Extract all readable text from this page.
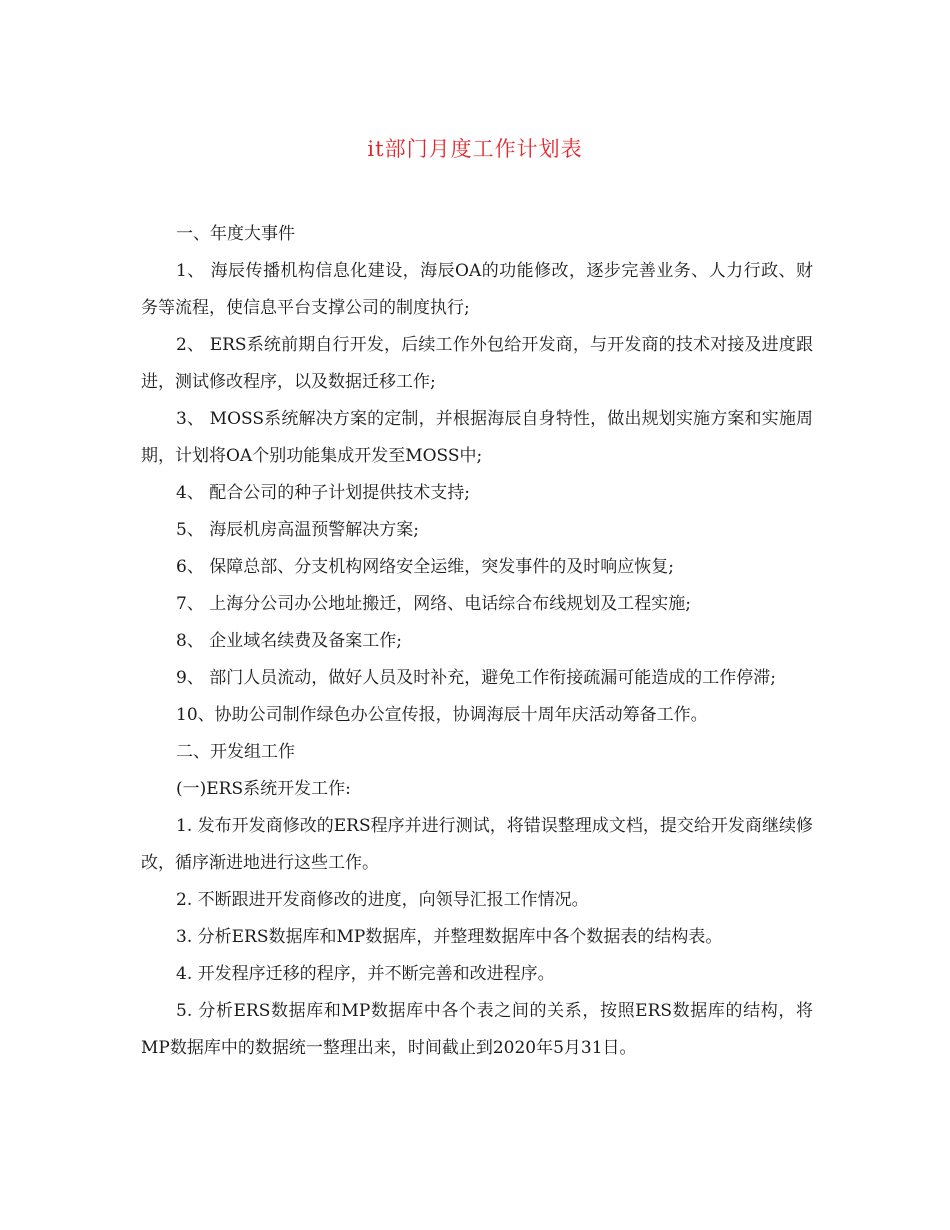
it部门月度工作计划表

一、年度大事件

1、 海辰传播机构信息化建设，海辰OA的功能修改，逐步完善业务、人力行政、财务等流程，使信息平台支撑公司的制度执行;

2、 ERS系统前期自行开发，后续工作外包给开发商，与开发商的技术对接及进度跟进，测试修改程序，以及数据迁移工作;

3、 MOSS系统解决方案的定制，并根据海辰自身特性，做出规划实施方案和实施周期，计划将OA个别功能集成开发至MOSS中;

4、 配合公司的种子计划提供技术支持;

5、 海辰机房高温预警解决方案;

6、 保障总部、分支机构网络安全运维，突发事件的及时响应恢复;

7、 上海分公司办公地址搬迁，网络、电话综合布线规划及工程实施;

8、 企业域名续费及备案工作;

9、 部门人员流动，做好人员及时补充，避免工作衔接疏漏可能造成的工作停滞;

10、协助公司制作绿色办公宣传报，协调海辰十周年庆活动筹备工作。

二、开发组工作

(一)ERS系统开发工作:

1. 发布开发商修改的ERS程序并进行测试，将错误整理成文档，提交给开发商继续修改，循序渐进地进行这些工作。

2. 不断跟进开发商修改的进度，向领导汇报工作情况。

3. 分析ERS数据库和MP数据库，并整理数据库中各个数据表的结构表。

4. 开发程序迁移的程序，并不断完善和改进程序。

5. 分析ERS数据库和MP数据库中各个表之间的关系，按照ERS数据库的结构，将MP数据库中的数据统一整理出来，时间截止到2020年5月31日。
